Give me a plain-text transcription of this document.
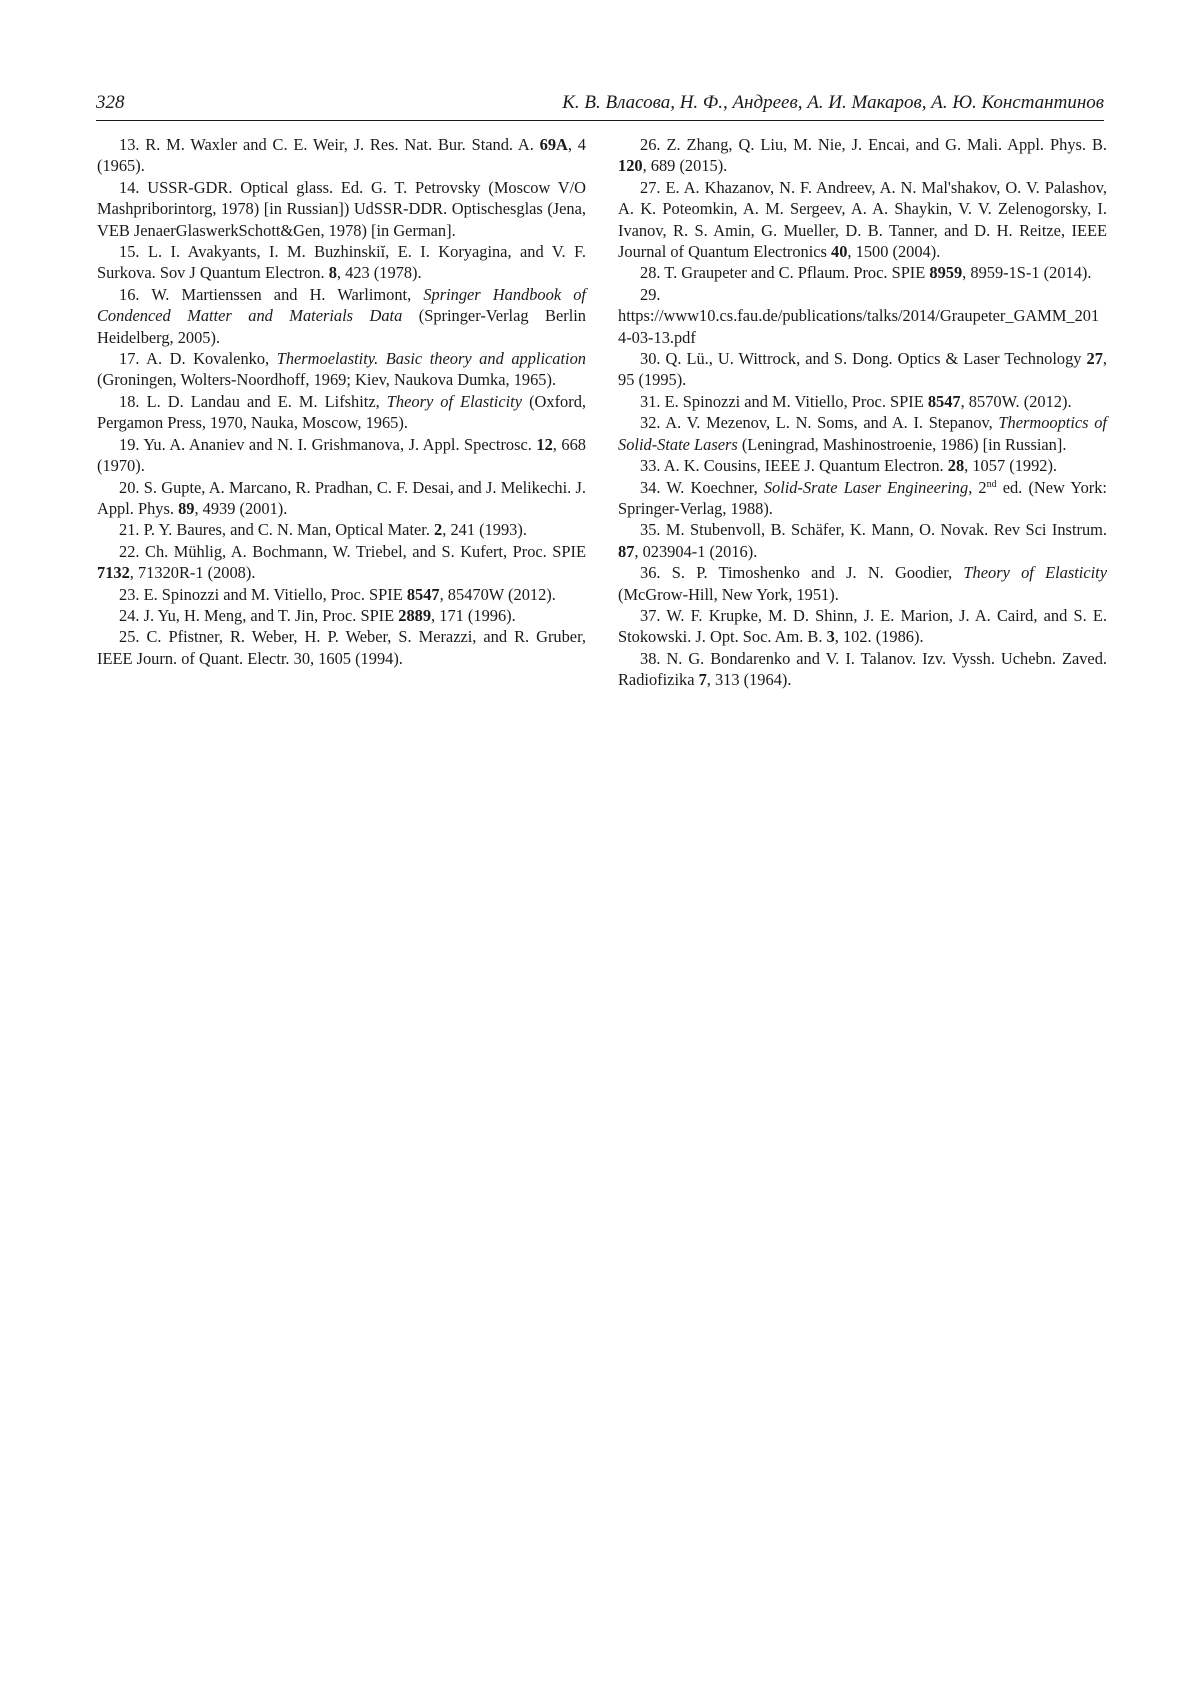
328	К. В. Власова, Н. Ф., Андреев, А. И. Макаров, А. Ю. Константинов

13. R. M. Waxler and C. E. Weir, J. Res. Nat. Bur. Stand. A. 69A, 4 (1965).

14. USSR-GDR. Optical glass. Ed. G. T. Petrovsky (Moscow V/O Mashpriborintorg, 1978) [in Russian]) UdSSR-DDR. Optischesglas (Jena, VEB JenaerGlaswerkSchott&Gen, 1978) [in German].

15. L. I. Avakyants, I. M. Buzhinskiĭ, E. I. Koryagina, and V. F. Surkova. Sov J Quantum Electron. 8, 423 (1978).

16. W. Martienssen and H. Warlimont, Springer Handbook of Condenced Matter and Materials Data (Springer-Verlag Berlin Heidelberg, 2005).

17. A. D. Kovalenko, Thermoelastity. Basic theory and application (Groningen, Wolters-Noordhoff, 1969; Kiev, Naukova Dumka, 1965).

18. L. D. Landau and E. M. Lifshitz, Theory of Elasticity (Oxford, Pergamon Press, 1970, Nauka, Moscow, 1965).

19. Yu. A. Ananiev and N. I. Grishmanova, J. Appl. Spectrosc. 12, 668 (1970).

20. S. Gupte, A. Marcano, R. Pradhan, C. F. Desai, and J. Melikechi. J. Appl. Phys. 89, 4939 (2001).

21. P. Y. Baures, and C. N. Man, Optical Mater. 2, 241 (1993).

22. Ch. Mühlig, A. Bochmann, W. Triebel, and S. Kufert, Proc. SPIE 7132, 71320R-1 (2008).

23. E. Spinozzi and M. Vitiello, Proc. SPIE 8547, 85470W (2012).

24. J. Yu, H. Meng, and T. Jin, Proc. SPIE 2889, 171 (1996).

25. C. Pfistner, R. Weber, H. P. Weber, S. Merazzi, and R. Gruber, IEEE Journ. of Quant. Electr. 30, 1605 (1994).

26. Z. Zhang, Q. Liu, M. Nie, J. Encai, and G. Mali. Appl. Phys. B. 120, 689 (2015).

27. E. A. Khazanov, N. F. Andreev, A. N. Mal'shakov, O. V. Palashov, A. K. Poteomkin, A. M. Sergeev, A. A. Shaykin, V. V. Zelenogorsky, I. Ivanov, R. S. Amin, G. Mueller, D. B. Tanner, and D. H. Reitze, IEEE Journal of Quantum Electronics 40, 1500 (2004).

28. T. Graupeter and C. Pflaum. Proc. SPIE 8959, 8959-1S-1 (2014).

29. https://www10.cs.fau.de/publications/talks/2014/Graupeter_GAMM_2014-03-13.pdf

30. Q. Lü., U. Wittrock, and S. Dong. Optics & Laser Technology 27, 95 (1995).

31. E. Spinozzi and M. Vitiello, Proc. SPIE 8547, 8570W. (2012).

32. A. V. Mezenov, L. N. Soms, and A. I. Stepanov, Thermooptics of Solid-State Lasers (Leningrad, Mashinostroenie, 1986) [in Russian].

33. A. K. Cousins, IEEE J. Quantum Electron. 28, 1057 (1992).

34. W. Koechner, Solid-Srate Laser Engineering, 2nd ed. (New York: Springer-Verlag, 1988).

35. M. Stubenvoll, B. Schäfer, K. Mann, O. Novak. Rev Sci Instrum. 87, 023904-1 (2016).

36. S. P. Timoshenko and J. N. Goodier, Theory of Elasticity (McGrow-Hill, New York, 1951).

37. W. F. Krupke, M. D. Shinn, J. E. Marion, J. A. Caird, and S. E. Stokowski. J. Opt. Soc. Am. B. 3, 102. (1986).

38. N. G. Bondarenko and V. I. Talanov. Izv. Vyssh. Uchebn. Zaved. Radiofizika 7, 313 (1964).
